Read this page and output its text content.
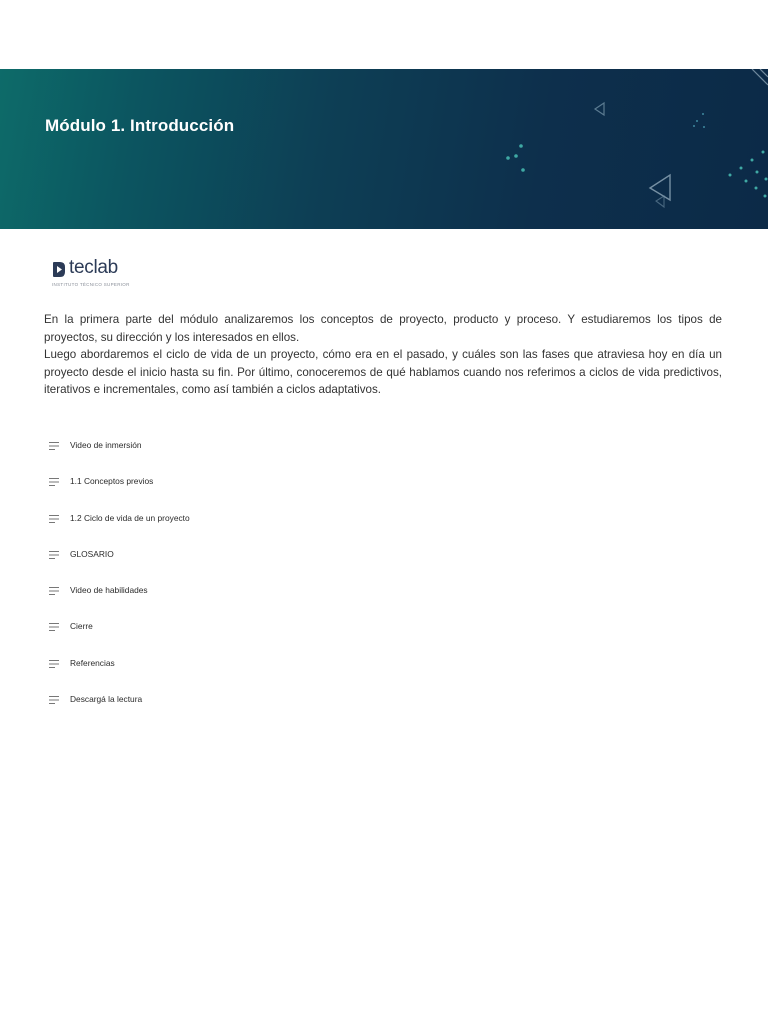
Módulo 1. Introducción
teclab
INSTITUTO TÉCNICO SUPERIOR

En la primera parte del módulo analizaremos los conceptos de proyecto, producto y proceso. Y estudiaremos los tipos de proyectos, su dirección y los interesados en ellos.

Luego abordaremos el ciclo de vida de un proyecto, cómo era en el pasado, y cuáles son las fases que atraviesa hoy en día un proyecto desde el inicio hasta su fin. Por último, conoceremos de qué hablamos cuando nos referimos a ciclos de vida predictivos, iterativos e incrementales, como así también a ciclos adaptativos.

Video de inmersión
1.1 Conceptos previos
1.2 Ciclo de vida de un proyecto
GLOSARIO
Video de habilidades
Cierre
Referencias
Descargá la lectura
